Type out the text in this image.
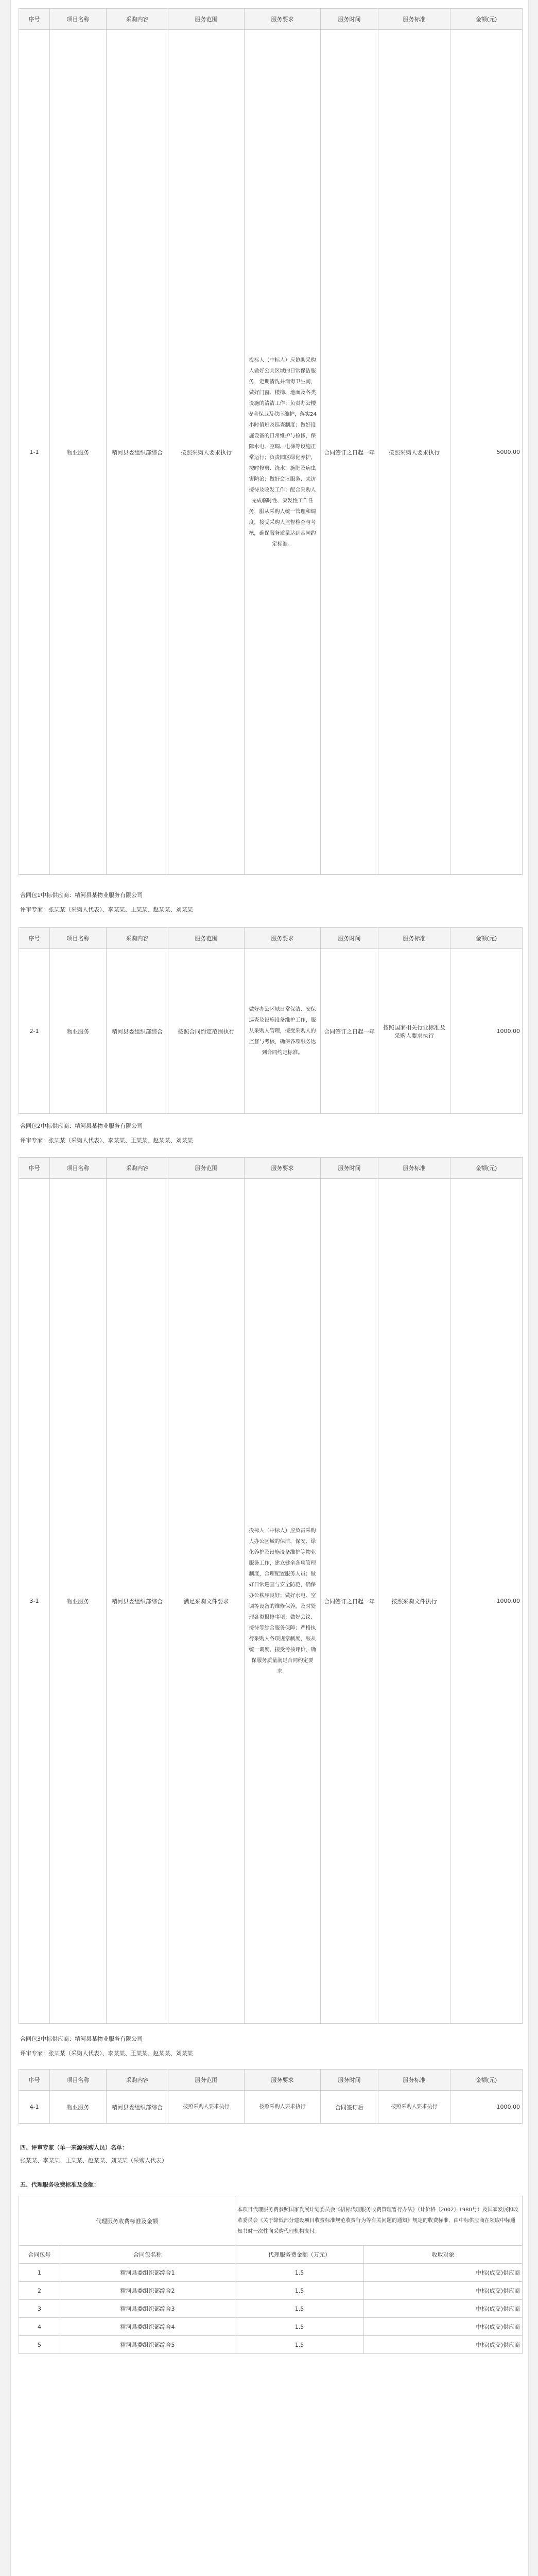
序号	项目名称	采购内容	服务范围	服务要求	服务时间	服务标准	金额(元)
1-1	物业服务	精河县委组织部综合	按照采购人要求执行	投标人（中标人）应协助采购人做好公共区域的日常保洁服务，定期清洗并消毒卫生间，做好门窗、楼梯、地面及各类设施的清洁工作；负责办公楼安全保卫及秩序维护，落实24小时值班及巡查制度；做好设施设备的日常维护与检修，保障水电、空调、电梯等设施正常运行；负责园区绿化养护，按时修剪、浇水、施肥及病虫害防治；做好会议服务、来访接待及收发工作；配合采购人完成临时性、突发性工作任务，服从采购人统一管理和调度，接受采购人监督检查与考核，确保服务质量达到合同约定标准。	合同签订之日起一年	按照采购人要求执行	5000.00
合同包1中标供应商：精河县某物业服务有限公司
评审专家：张某某（采购人代表）、李某某、王某某、赵某某、刘某某
序号	项目名称	采购内容	服务范围	服务要求	服务时间	服务标准	金额(元)
2-1	物业服务	精河县委组织部综合	按照合同约定范围执行	做好办公区域日常保洁、安保巡查及设施设备维护工作，服从采购人管理，接受采购人的监督与考核，确保各项服务达到合同约定标准。	合同签订之日起一年	按照国家相关行业标准及采购人要求执行	1000.00
合同包2中标供应商：精河县某物业服务有限公司
评审专家：张某某（采购人代表）、李某某、王某某、赵某某、刘某某
序号	项目名称	采购内容	服务范围	服务要求	服务时间	服务标准	金额(元)
3-1	物业服务	精河县委组织部综合	满足采购文件要求	投标人（中标人）应负责采购人办公区域的保洁、保安、绿化养护及设施设备维护等物业服务工作，建立健全各项管理制度，合理配置服务人员；做好日常巡查与安全防范，确保办公秩序良好；做好水电、空调等设备的维修保养，及时处理各类报修事项；做好会议、接待等综合服务保障；严格执行采购人各项规章制度，服从统一调度，接受考核评价，确保服务质量满足合同约定要求。	合同签订之日起一年	按照采购文件执行	1000.00
合同包3中标供应商：精河县某物业服务有限公司
评审专家：张某某（采购人代表）、李某某、王某某、赵某某、刘某某
序号	项目名称	采购内容	服务范围	服务要求	服务时间	服务标准	金额(元)
4-1	物业服务	精河县委组织部综合	按照采购人要求执行	按照采购人要求执行	合同签订后	按照采购人要求执行	1000.00
四、评审专家（单一来源采购人员）名单：
张某某、李某某、王某某、赵某某、刘某某（采购人代表）
五、代理服务收费标准及金额：
代理服务收费标准及金额		本项目代理服务费参照国家发展计划委员会《招标代理服务收费管理暂行办法》（计价格〔2002〕1980号）及国家发展和改革委员会《关于降低部分建设项目收费标准规范收费行为等有关问题的通知》规定的收费标准，由中标供应商在领取中标通知书时一次性向采购代理机构支付。	
合同包号	合同包名称	代理服务费金额（万元）	收取对象
1	精河县委组织部综合1	1.5	中标(成交)供应商
2	精河县委组织部综合2	1.5	中标(成交)供应商
3	精河县委组织部综合3	1.5	中标(成交)供应商
4	精河县委组织部综合4	1.5	中标(成交)供应商
5	精河县委组织部综合5	1.5	中标(成交)供应商
